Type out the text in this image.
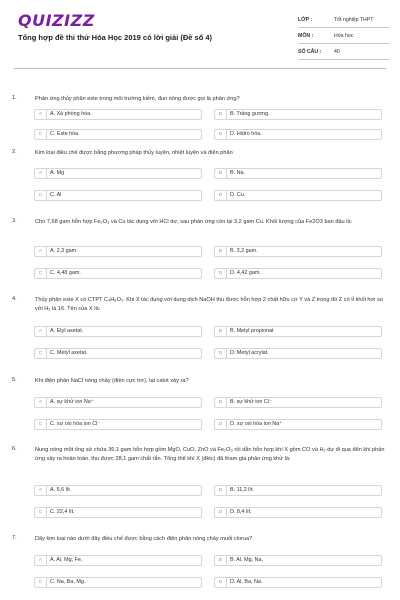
QUIZIZZ
Tổng hợp đề thi thử Hóa Học 2019 có lời giải (Đề số 4)
LỚP :	Tốt nghiệp THPT
MÔN :	Hóa học
SỐ CÂU :	40
1.	Phản ứng thủy phân este trong môi trường kiềm, đun nóng được gọi là phản ứng?
A	A. Xà phòng hóa.	B	B. Tráng gương.
C	C. Este hóa.	D	D. Hidro hóa.
2.	Kim loại điều chế được bằng phương pháp thủy luyện, nhiệt luyện và điện phân
A	A. Mg	B	B. Na.
C	C. Al	D	D. Cu.
3.	Cho 7,68 gam hỗn hợp Fe₂O₃ và Cu tác dụng với HCl dư, sau phản ứng còn lại 3,2 gam Cu. Khối lượng của Fe2O3 ban đầu là:
A	A. 2,3 gam.	B	B. 3,2 gam.
C	C. 4,48 gam.	D	D. 4,42 gam.
4.	Thủy phân este X có CTPT C₄H₈O₂. Khi X tác dụng với dung dịch NaOH thu được hỗn hợp 2 chất hữu cơ Y và Z trong đó Z có tỉ khối hơi so với H₂ là 16. Tên của X là:
A	A. Etyl axetat.	B	B. Metyl propionat
C	C. Metyl axetat.	D	D. Metyl acrylat.
5.	Khi điện phân NaCl nóng chảy (điện cực trơ), tại catot xảy ra?
A	A. sự khử ion Na⁺	B	B. sự khử ion Cl⁻
C	C. sự oxi hóa ion Cl⁻	D	D. sự oxi hóa ion Na⁺
6.	Nung nóng một ống sứ chứa 36,1 gam hỗn hợp gồm MgO, CuO, ZnO và Fe₂O₃ rồi dẫn hỗn hợp khí X gồm CO và H₂ dư đi qua đến khi phản ứng xảy ra hoàn toàn, thu được 28,1 gam chất rắn. Tổng thể khí X (đktc) đã tham gia phản ứng khử là:
A	A. 5,6 lít.	B	B. 11,2 lít.
C	C. 22,4 lít.	D	D. 8,4 lít.
7.	Dãy kim loại nào dưới đây điều chế được bằng cách điện phân nóng chảy muối clorua?
A	A. Al, Mg, Fe.	B	B. Al, Mg, Na.
C	C. Na, Ba, Mg.	D	D. Al, Ba, Na.
